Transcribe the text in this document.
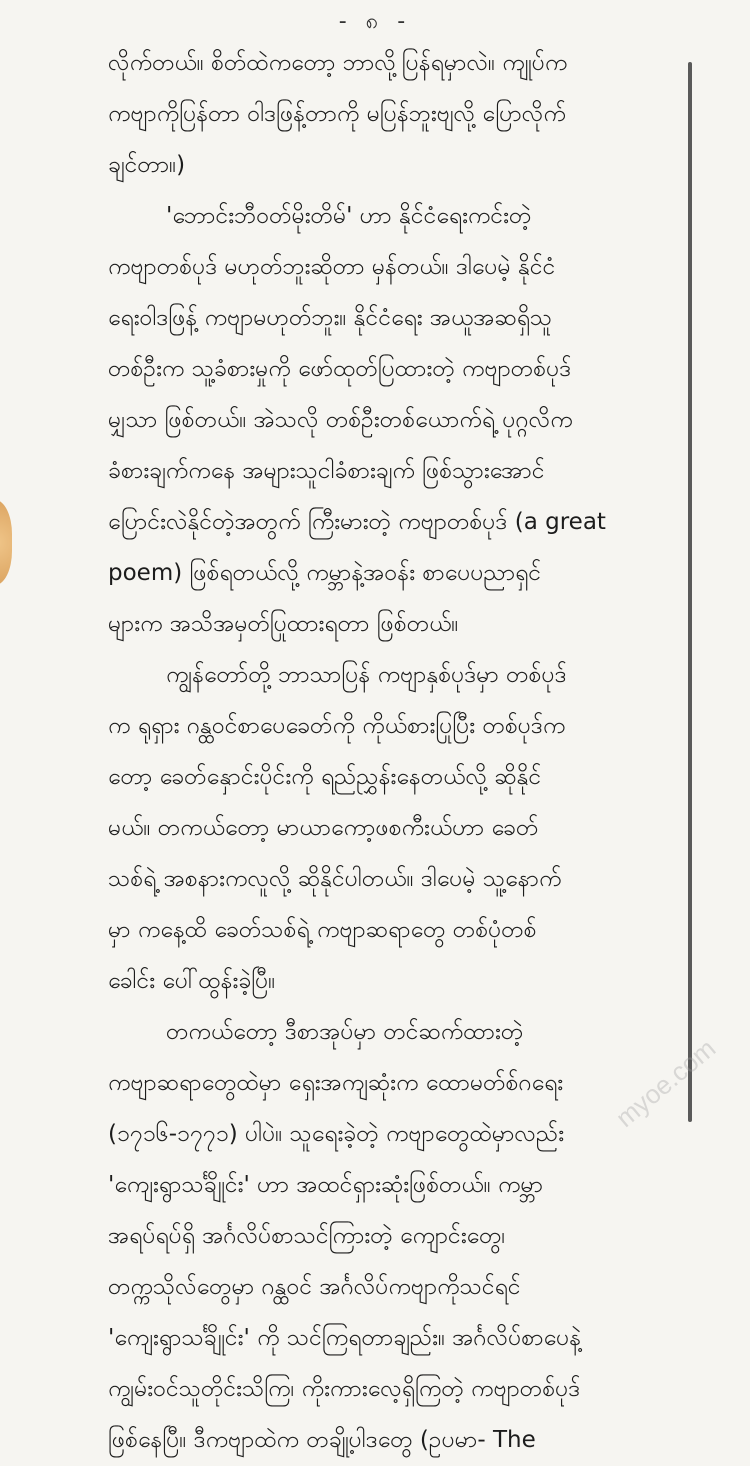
- ၈ -
လိုက်တယ်။ စိတ်ထဲကတော့ ဘာလို့ပြန်ရမှာလဲ။ ကျုပ်က
ကဗျာကိုပြန်တာ ဝါဒဖြန့်တာကို မပြန်ဘူးဗျလို့ ပြောလိုက်
ချင်တာ။)
'ဘောင်းဘီဝတ်မိုးတိမ်' ဟာ နိုင်ငံရေးကင်းတဲ့
ကဗျာတစ်ပုဒ် မဟုတ်ဘူးဆိုတာ မှန်တယ်။ ဒါပေမဲ့ နိုင်ငံ
ရေးဝါဒဖြန့် ကဗျာမဟုတ်ဘူး။ နိုင်ငံရေး အယူအဆရှိသူ
တစ်ဦးက သူ့ခံစားမှုကို ဖော်ထုတ်ပြထားတဲ့ ကဗျာတစ်ပုဒ်
မျှသာ ဖြစ်တယ်။ အဲသလို တစ်ဦးတစ်ယောက်ရဲ့ ပုဂ္ဂလိက
ခံစားချက်ကနေ အများသူငါခံစားချက် ဖြစ်သွားအောင်
ပြောင်းလဲနိုင်တဲ့အတွက် ကြီးမားတဲ့ ကဗျာတစ်ပုဒ် (a great
poem) ဖြစ်ရတယ်လို့ ကမ္ဘာနဲ့အဝန်း စာပေပညာရှင်
များက အသိအမှတ်ပြုထားရတာ ဖြစ်တယ်။
ကျွန်တော်တို့ ဘာသာပြန် ကဗျာနှစ်ပုဒ်မှာ တစ်ပုဒ်
က ရုရှား ဂန္ထဝင်စာပေခေတ်ကို ကိုယ်စားပြုပြီး တစ်ပုဒ်က
တော့ ခေတ်နှောင်းပိုင်းကို ရည်ညွှန်းနေတယ်လို့ ဆိုနိုင်
မယ်။ တကယ်တော့ မာယာကော့ဖစကီးယ်ဟာ ခေတ်
သစ်ရဲ့ အစနားကလူလို့ ဆိုနိုင်ပါတယ်။ ဒါပေမဲ့ သူ့နောက်
မှာ ကနေ့ထိ ခေတ်သစ်ရဲ့ ကဗျာဆရာတွေ တစ်ပုံတစ်
ခေါင်း ပေါ်ထွန်းခဲ့ပြီ။
တကယ်တော့ ဒီစာအုပ်မှာ တင်ဆက်ထားတဲ့
ကဗျာဆရာတွေထဲမှာ ရှေးအကျဆုံးက ထောမတ်စ်ဂရေး
(၁၇၁၆-၁၇၇၁) ပါပဲ။ သူရေးခဲ့တဲ့ ကဗျာတွေထဲမှာလည်း
'ကျေးရွာသင်္ချိုင်း' ဟာ အထင်ရှားဆုံးဖြစ်တယ်။ ကမ္ဘာ
အရပ်ရပ်ရှိ အင်္ဂလိပ်စာသင်ကြားတဲ့ ကျောင်းတွေ၊
တက္ကသိုလ်တွေမှာ ဂန္ထဝင် အင်္ဂလိပ်ကဗျာကိုသင်ရင်
'ကျေးရွာသင်္ချိုင်း' ကို သင်ကြရတာချည်း။ အင်္ဂလိပ်စာပေနဲ့
ကျွမ်းဝင်သူတိုင်းသိကြ၊ ကိုးကားလေ့ရှိကြတဲ့ ကဗျာတစ်ပုဒ်
ဖြစ်နေပြီ။ ဒီကဗျာထဲက တချို့ပါဒတွေ (ဥပမာ- The
myoe.com
